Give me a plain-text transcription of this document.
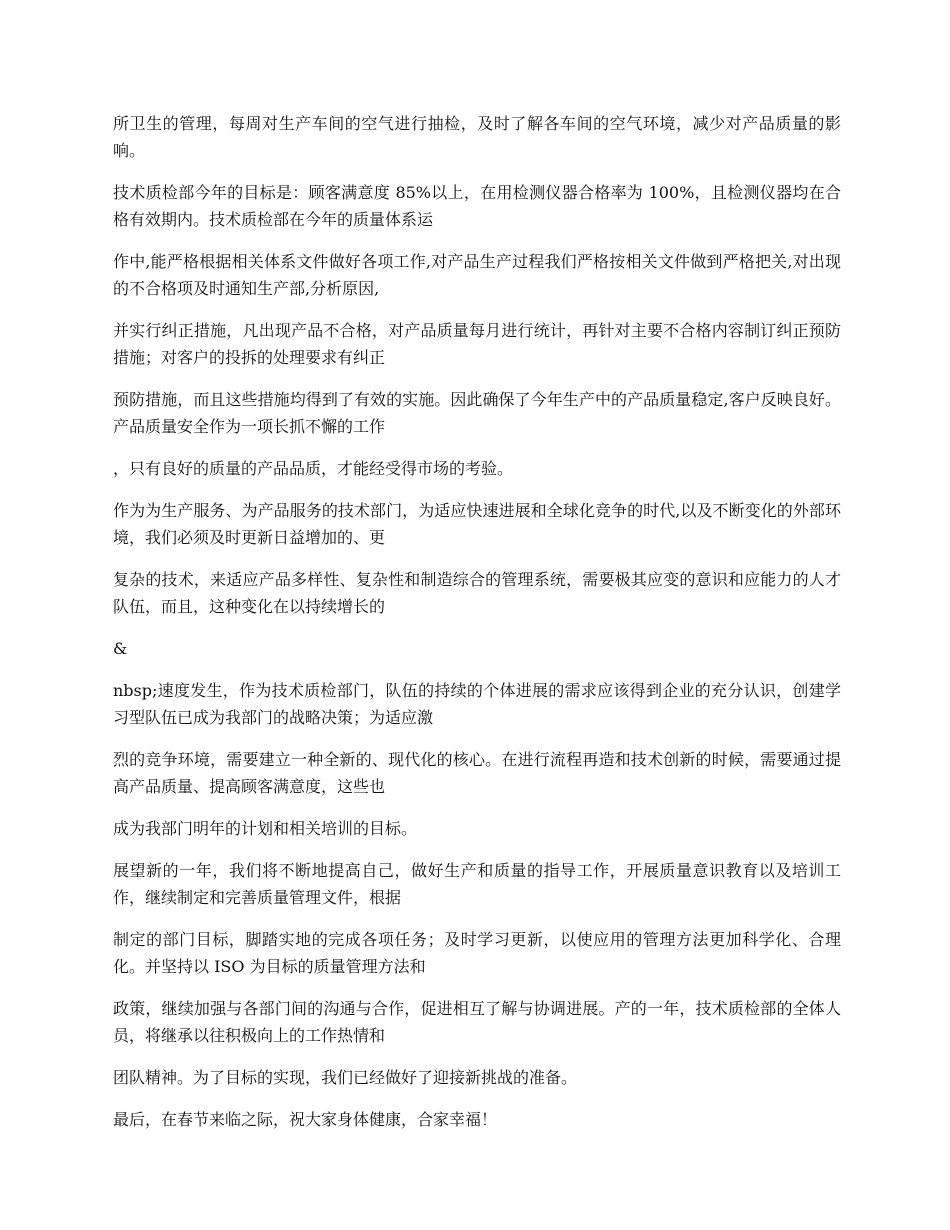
所卫生的管理，每周对生产车间的空气进行抽检，及时了解各车间的空气环境，减少对产品质量的影响。

技术质检部今年的目标是：顾客满意度 85%以上，在用检测仪器合格率为 100%，且检测仪器均在合格有效期内。技术质检部在今年的质量体系运

作中,能严格根据相关体系文件做好各项工作,对产品生产过程我们严格按相关文件做到严格把关,对出现的不合格项及时通知生产部,分析原因,

并实行纠正措施，凡出现产品不合格，对产品质量每月进行统计，再针对主要不合格内容制订纠正预防措施；对客户的投拆的处理要求有纠正

预防措施，而且这些措施均得到了有效的实施。因此确保了今年生产中的产品质量稳定,客户反映良好。产品质量安全作为一项长抓不懈的工作

，只有良好的质量的产品品质，才能经受得市场的考验。

作为为生产服务、为产品服务的技术部门，为适应快速进展和全球化竞争的时代,以及不断变化的外部环境，我们必须及时更新日益增加的、更

复杂的技术，来适应产品多样性、复杂性和制造综合的管理系统，需要极其应变的意识和应能力的人才队伍，而且，这种变化在以持续增长的

&

nbsp;速度发生，作为技术质检部门，队伍的持续的个体进展的需求应该得到企业的充分认识，创建学习型队伍已成为我部门的战略决策；为适应激

烈的竞争环境，需要建立一种全新的、现代化的核心。在进行流程再造和技术创新的时候，需要通过提高产品质量、提高顾客满意度，这些也

成为我部门明年的计划和相关培训的目标。

展望新的一年，我们将不断地提高自己，做好生产和质量的指导工作，开展质量意识教育以及培训工作，继续制定和完善质量管理文件，根据

制定的部门目标，脚踏实地的完成各项任务；及时学习更新，以使应用的管理方法更加科学化、合理化。并坚持以 ISO 为目标的质量管理方法和

政策，继续加强与各部门间的沟通与合作，促进相互了解与协调进展。产的一年，技术质检部的全体人员，将继承以往积极向上的工作热情和

团队精神。为了目标的实现，我们已经做好了迎接新挑战的准备。

最后，在春节来临之际，祝大家身体健康，合家幸福！
